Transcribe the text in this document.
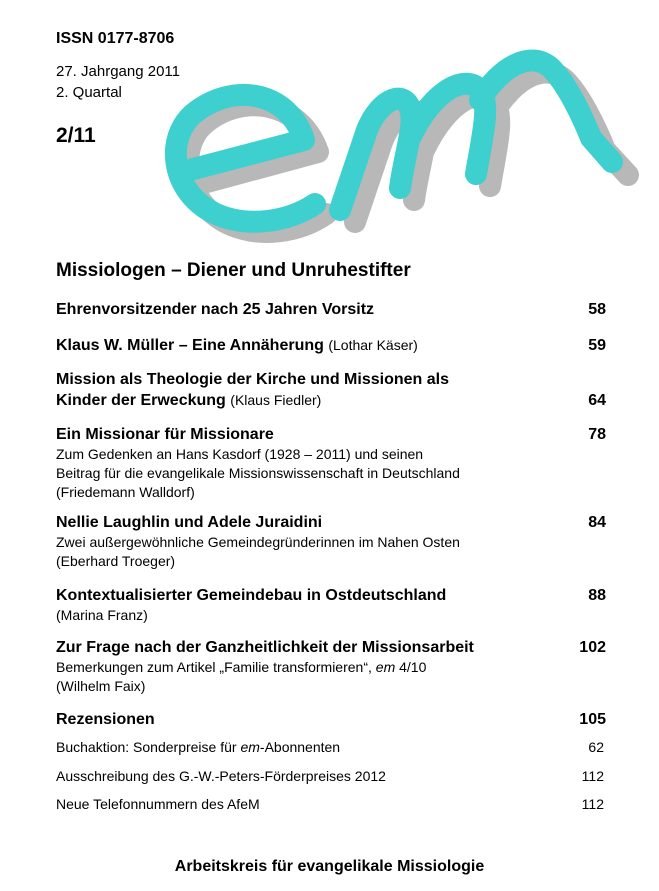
ISSN 0177-8706
27. Jahrgang 2011
2. Quartal
2/11
Missiologen – Diener und Unruhestifter
Ehrenvorsitzender nach 25 Jahren Vorsitz	58
Klaus W. Müller – Eine Annäherung (Lothar Käser)	59
Mission als Theologie der Kirche und Missionen als
Kinder der Erweckung (Klaus Fiedler)	64
Ein Missionar für Missionare	78
Zum Gedenken an Hans Kasdorf (1928 – 2011) und seinen
Beitrag für die evangelikale Missionswissenschaft in Deutschland
(Friedemann Walldorf)
Nellie Laughlin und Adele Juraidini	84
Zwei außergewöhnliche Gemeindegründerinnen im Nahen Osten
(Eberhard Troeger)
Kontextualisierter Gemeindebau in Ostdeutschland	88
(Marina Franz)
Zur Frage nach der Ganzheitlichkeit der Missionsarbeit	102
Bemerkungen zum Artikel „Familie transformieren“, em 4/10
(Wilhelm Faix)
Rezensionen	105
Buchaktion: Sonderpreise für em-Abonnenten	62
Ausschreibung des G.-W.-Peters-Förderpreises 2012	112
Neue Telefonnummern des AfeM	112
Arbeitskreis für evangelikale Missiologie
